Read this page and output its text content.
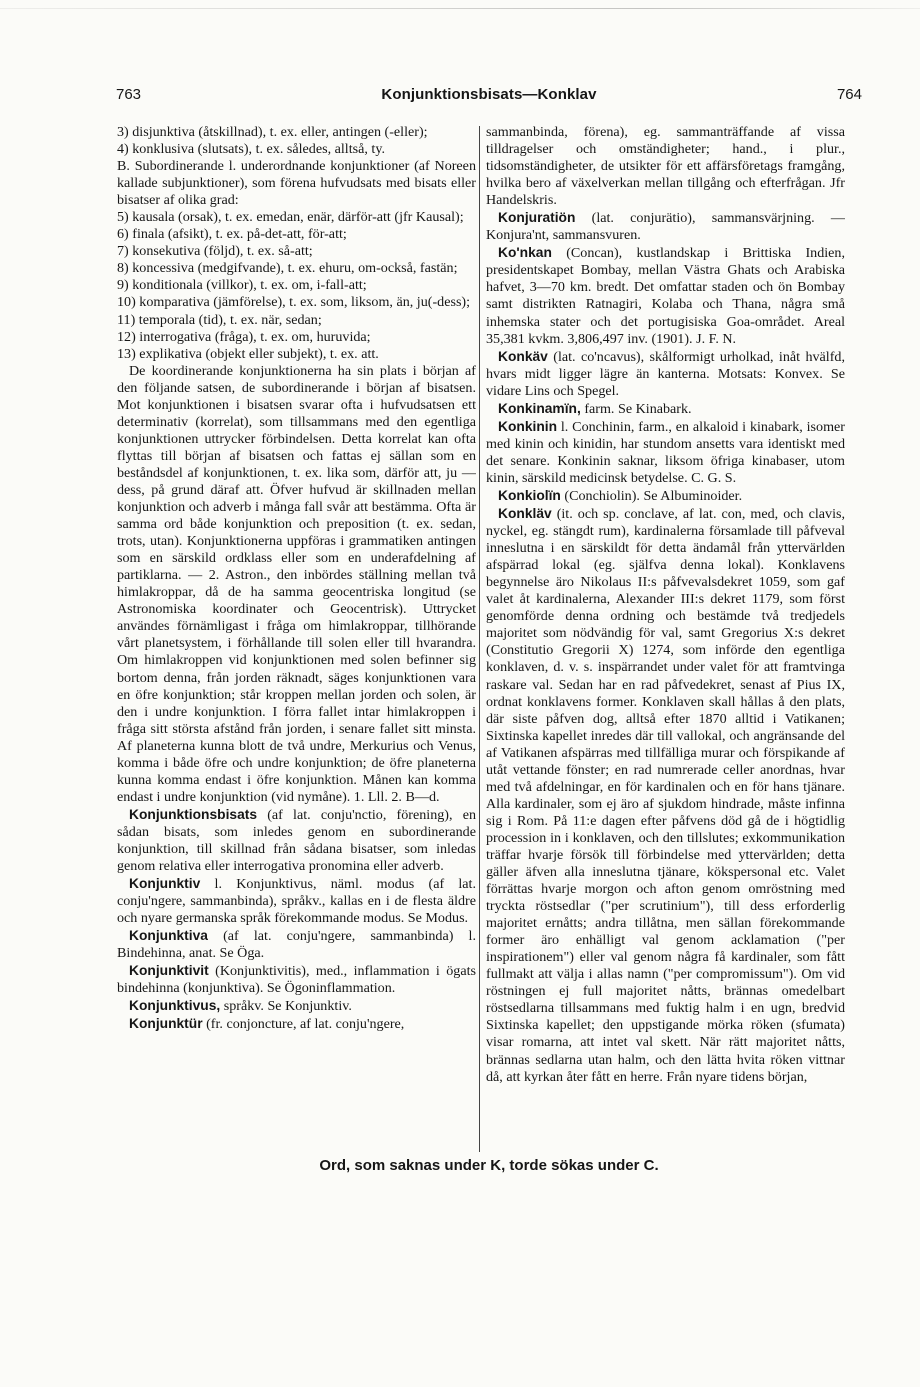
763	Konjunktionsbisats—Konklav	764

3) disjunktiva (åtskillnad), t. ex. eller, antingen (-eller);

4) konklusiva (slutsats), t. ex. således, alltså, ty.

B. Subordinerande l. underordnande konjunktioner (af Noreen kallade subjunktioner), som förena hufvudsats med bisats eller bisatser af olika grad:

5) kausala (orsak), t. ex. emedan, enär, därför-att (jfr Kausal);

6) finala (afsikt), t. ex. på-det-att, för-att;

7) konsekutiva (följd), t. ex. så-att;

8) koncessiva (medgifvande), t. ex. ehuru, om-också, fastän;

9) konditionala (villkor), t. ex. om, i-fall-att;

10) komparativa (jämförelse), t. ex. som, liksom, än, ju(-dess);

11) temporala (tid), t. ex. när, sedan;

12) interrogativa (fråga), t. ex. om, huruvida;

13) explikativa (objekt eller subjekt), t. ex. att.

De koordinerande konjunktionerna ha sin plats i början af den följande satsen, de subordinerande i början af bisatsen. Mot konjunktionen i bisatsen svarar ofta i hufvudsatsen ett determinativ (korrelat), som tillsammans med den egentliga konjunktionen uttrycker förbindelsen. Detta korrelat kan ofta flyttas till början af bisatsen och fattas ej sällan som en beståndsdel af konjunktionen, t. ex. lika som, därför att, ju — dess, på grund däraf att. Öfver hufvud är skillnaden mellan konjunktion och adverb i många fall svår att bestämma. Ofta är samma ord både konjunktion och preposition (t. ex. sedan, trots, utan). Konjunktionerna uppföras i grammatiken antingen som en särskild ordklass eller som en underafdelning af partiklarna. — 2. Astron., den inbördes ställning mellan två himlakroppar, då de ha samma geocentriska longitud (se Astronomiska koordinater och Geocentrisk). Uttrycket användes förnämligast i fråga om himlakroppar, tillhörande vårt planetsystem, i förhållande till solen eller till hvarandra. Om himlakroppen vid konjunktionen med solen befinner sig bortom denna, från jorden räknadt, säges konjunktionen vara en öfre konjunktion; står kroppen mellan jorden och solen, är den i undre konjunktion. I förra fallet intar himlakroppen i fråga sitt största afstånd från jorden, i senare fallet sitt minsta. Af planeterna kunna blott de två undre, Merkurius och Venus, komma i både öfre och undre konjunktion; de öfre planeterna kunna komma endast i öfre konjunktion. Månen kan komma endast i undre konjunktion (vid nymåne). 1. Lll. 2. B—d.

Konjunktionsbisats (af lat. conju'nctio, förening), en sådan bisats, som inledes genom en subordinerande konjunktion, till skillnad från sådana bisatser, som inledas genom relativa eller interrogativa pronomina eller adverb.

Konjunktiv l. Konjunktivus, näml. modus (af lat. conju'ngere, sammanbinda), språkv., kallas en i de flesta äldre och nyare germanska språk förekommande modus. Se Modus.

Konjunktiva (af lat. conju'ngere, sammanbinda) l. Bindehinna, anat. Se Öga.

Konjunktivit (Konjunktivitis), med., inflammation i ögats bindehinna (konjunktiva). Se Ögoninflammation.

Konjunktivus, språkv. Se Konjunktiv.

Konjunktür (fr. conjoncture, af lat. conju'ngere,

sammanbinda, förena), eg. sammanträffande af vissa tilldragelser och omständigheter; hand., i plur., tidsomständigheter, de utsikter för ett affärsföretags framgång, hvilka bero af växelverkan mellan tillgång och efterfrågan. Jfr Handelskris.

Konjuratiön (lat. conjurätio), sammansvärjning. — Konjura'nt, sammansvuren.

Ko'nkan (Concan), kustlandskap i Brittiska Indien, presidentskapet Bombay, mellan Västra Ghats och Arabiska hafvet, 3—70 km. bredt. Det omfattar staden och ön Bombay samt distrikten Ratnagiri, Kolaba och Thana, några små inhemska stater och det portugisiska Goa-området. Areal 35,381 kvkm. 3,806,497 inv. (1901). J. F. N.

Konkäv (lat. co'ncavus), skålformigt urholkad, inåt hvälfd, hvars midt ligger lägre än kanterna. Motsats: Konvex. Se vidare Lins och Spegel.

Konkinamïn, farm. Se Kinabark.

Konkinin l. Conchinin, farm., en alkaloid i kinabark, isomer med kinin och kinidin, har stundom ansetts vara identiskt med det senare. Konkinin saknar, liksom öfriga kinabaser, utom kinin, särskild medicinsk betydelse. C. G. S.

Konkiolïn (Conchiolin). Se Albuminoider.

Konkläv (it. och sp. conclave, af lat. con, med, och clavis, nyckel, eg. stängdt rum), kardinalerna församlade till påfveval inneslutna i en särskildt för detta ändamål från yttervärlden afspärrad lokal (eg. själfva denna lokal). Konklavens begynnelse äro Nikolaus II:s påfvevalsdekret 1059, som gaf valet åt kardinalerna, Alexander III:s dekret 1179, som först genomförde denna ordning och bestämde två tredjedels majoritet som nödvändig för val, samt Gregorius X:s dekret (Constitutio Gregorii X) 1274, som införde den egentliga konklaven, d. v. s. inspärrandet under valet för att framtvinga raskare val. Sedan har en rad påfvedekret, senast af Pius IX, ordnat konklavens former. Konklaven skall hållas å den plats, där siste påfven dog, alltså efter 1870 alltid i Vatikanen; Sixtinska kapellet inredes där till vallokal, och angränsande del af Vatikanen afspärras med tillfälliga murar och förspikande af utåt vettande fönster; en rad numrerade celler anordnas, hvar med två afdelningar, en för kardinalen och en för hans tjänare. Alla kardinaler, som ej äro af sjukdom hindrade, måste infinna sig i Rom. På 11:e dagen efter påfvens död gå de i högtidlig procession in i konklaven, och den tillslutes; exkommunikation träffar hvarje försök till förbindelse med yttervärlden; detta gäller äfven alla inneslutna tjänare, kökspersonal etc. Valet förrättas hvarje morgon och afton genom omröstning med tryckta röstsedlar ("per scrutinium"), till dess erforderlig majoritet ernåtts; andra tillåtna, men sällan förekommande former äro enhälligt val genom acklamation ("per inspirationem") eller val genom några få kardinaler, som fått fullmakt att välja i allas namn ("per compromissum"). Om vid röstningen ej full majoritet nåtts, brännas omedelbart röstsedlarna tillsammans med fuktig halm i en ugn, bredvid Sixtinska kapellet; den uppstigande mörka röken (sfumata) visar romarna, att intet val skett. När rätt majoritet nåtts, brännas sedlarna utan halm, och den lätta hvita röken vittnar då, att kyrkan åter fått en herre. Från nyare tidens början,

Ord, som saknas under K, torde sökas under C.
